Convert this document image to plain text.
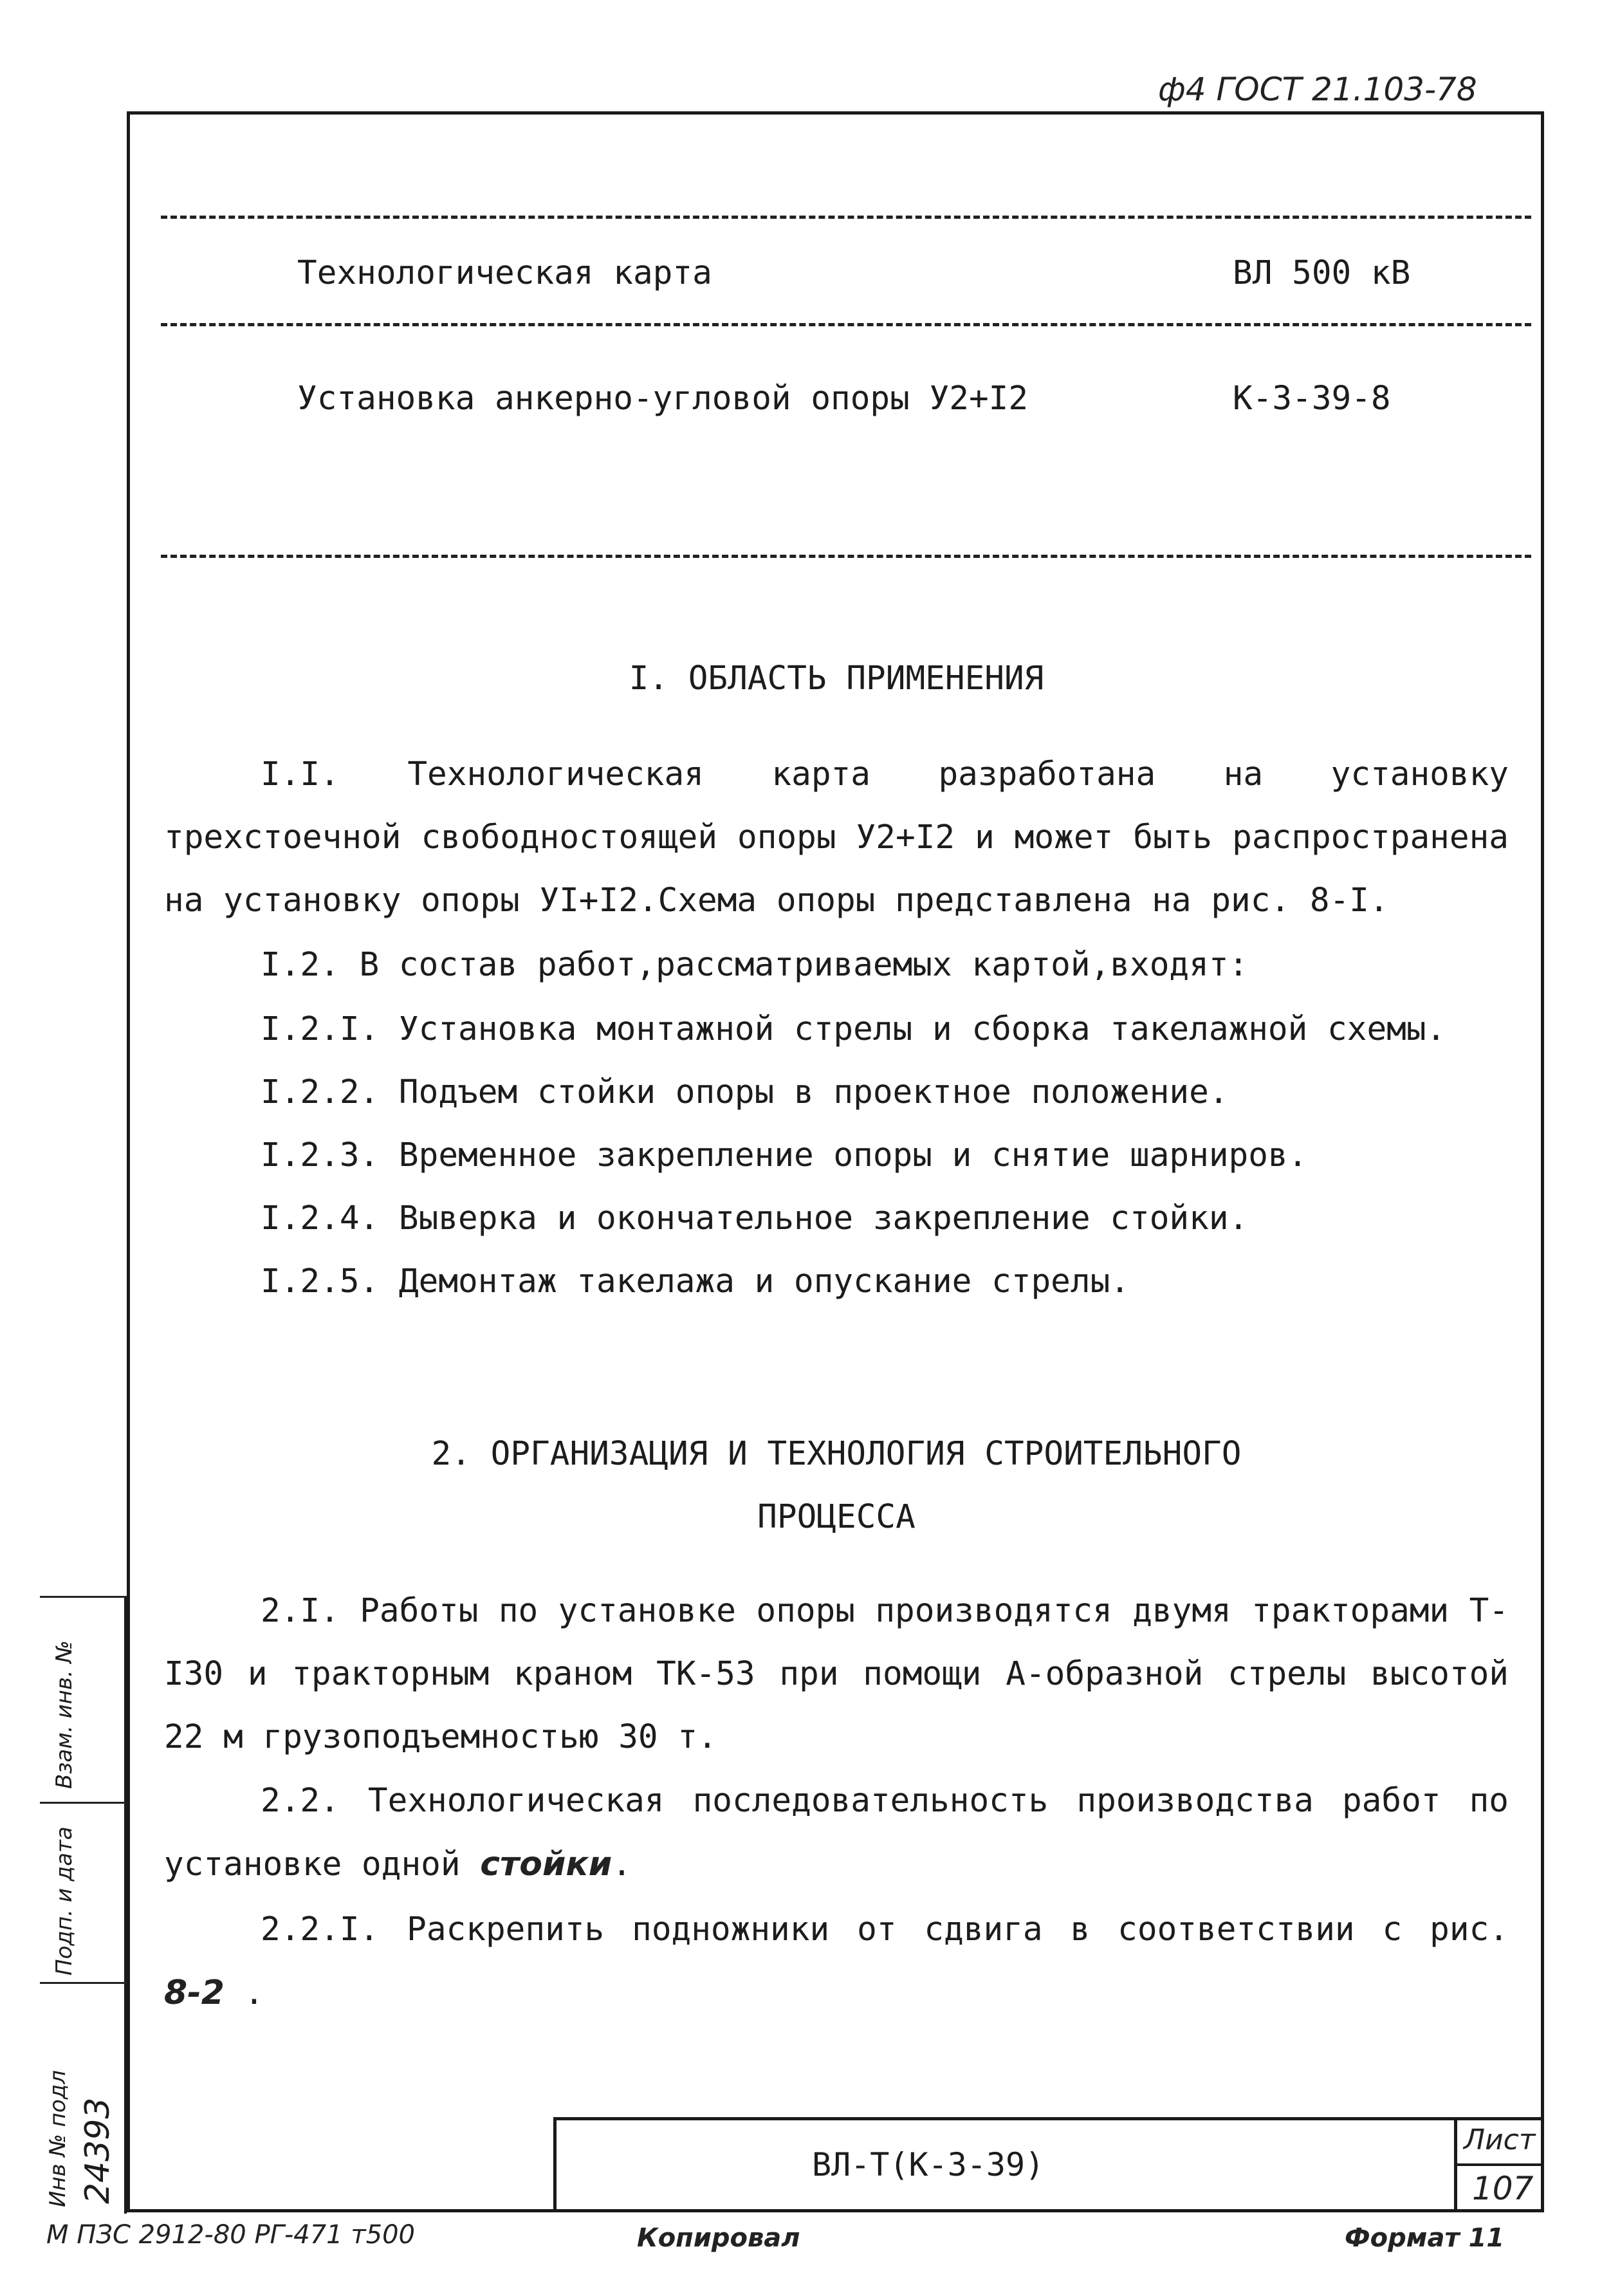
ф4 ГОСТ 21.103-78
Технологическая карта	ВЛ 500 кВ
Установка анкерно-угловой опоры У2+I2	К-3-39-8
I. ОБЛАСТЬ ПРИМЕНЕНИЯ
I.I. Технологическая карта разработана на установку трехстоечной свободностоящей опоры У2+I2 и может быть распространена на установку опоры УI+I2.Схема опоры представлена на рис. 8-I.
I.2. В состав работ,рассматриваемых картой,входят:
I.2.I. Установка монтажной стрелы и сборка такелажной схемы.
I.2.2. Подъем стойки опоры в проектное положение.
I.2.3. Временное закрепление опоры и снятие шарниров.
I.2.4. Выверка и окончательное закрепление стойки.
I.2.5. Демонтаж такелажа и опускание стрелы.
2. ОРГАНИЗАЦИЯ И ТЕХНОЛОГИЯ СТРОИТЕЛЬНОГО
ПРОЦЕССА
2.I. Работы по установке опоры производятся двумя тракторами Т-I30 и тракторным краном ТК-53 при помощи А-образной стрелы высотой 22 м грузоподъемностью 30 т.
2.2. Технологическая последовательность производства работ по установке одной стойки.
2.2.I. Раскрепить подножники от сдвига в соответствии с рис. 8-2 .
ВЛ-Т(К-3-39)
Лист
107
Инв № подл 24393
Подп. и дата
Взам. инв. №
М ПЗС 2912-80 РГ-471 т500	Копировал	Формат 11
